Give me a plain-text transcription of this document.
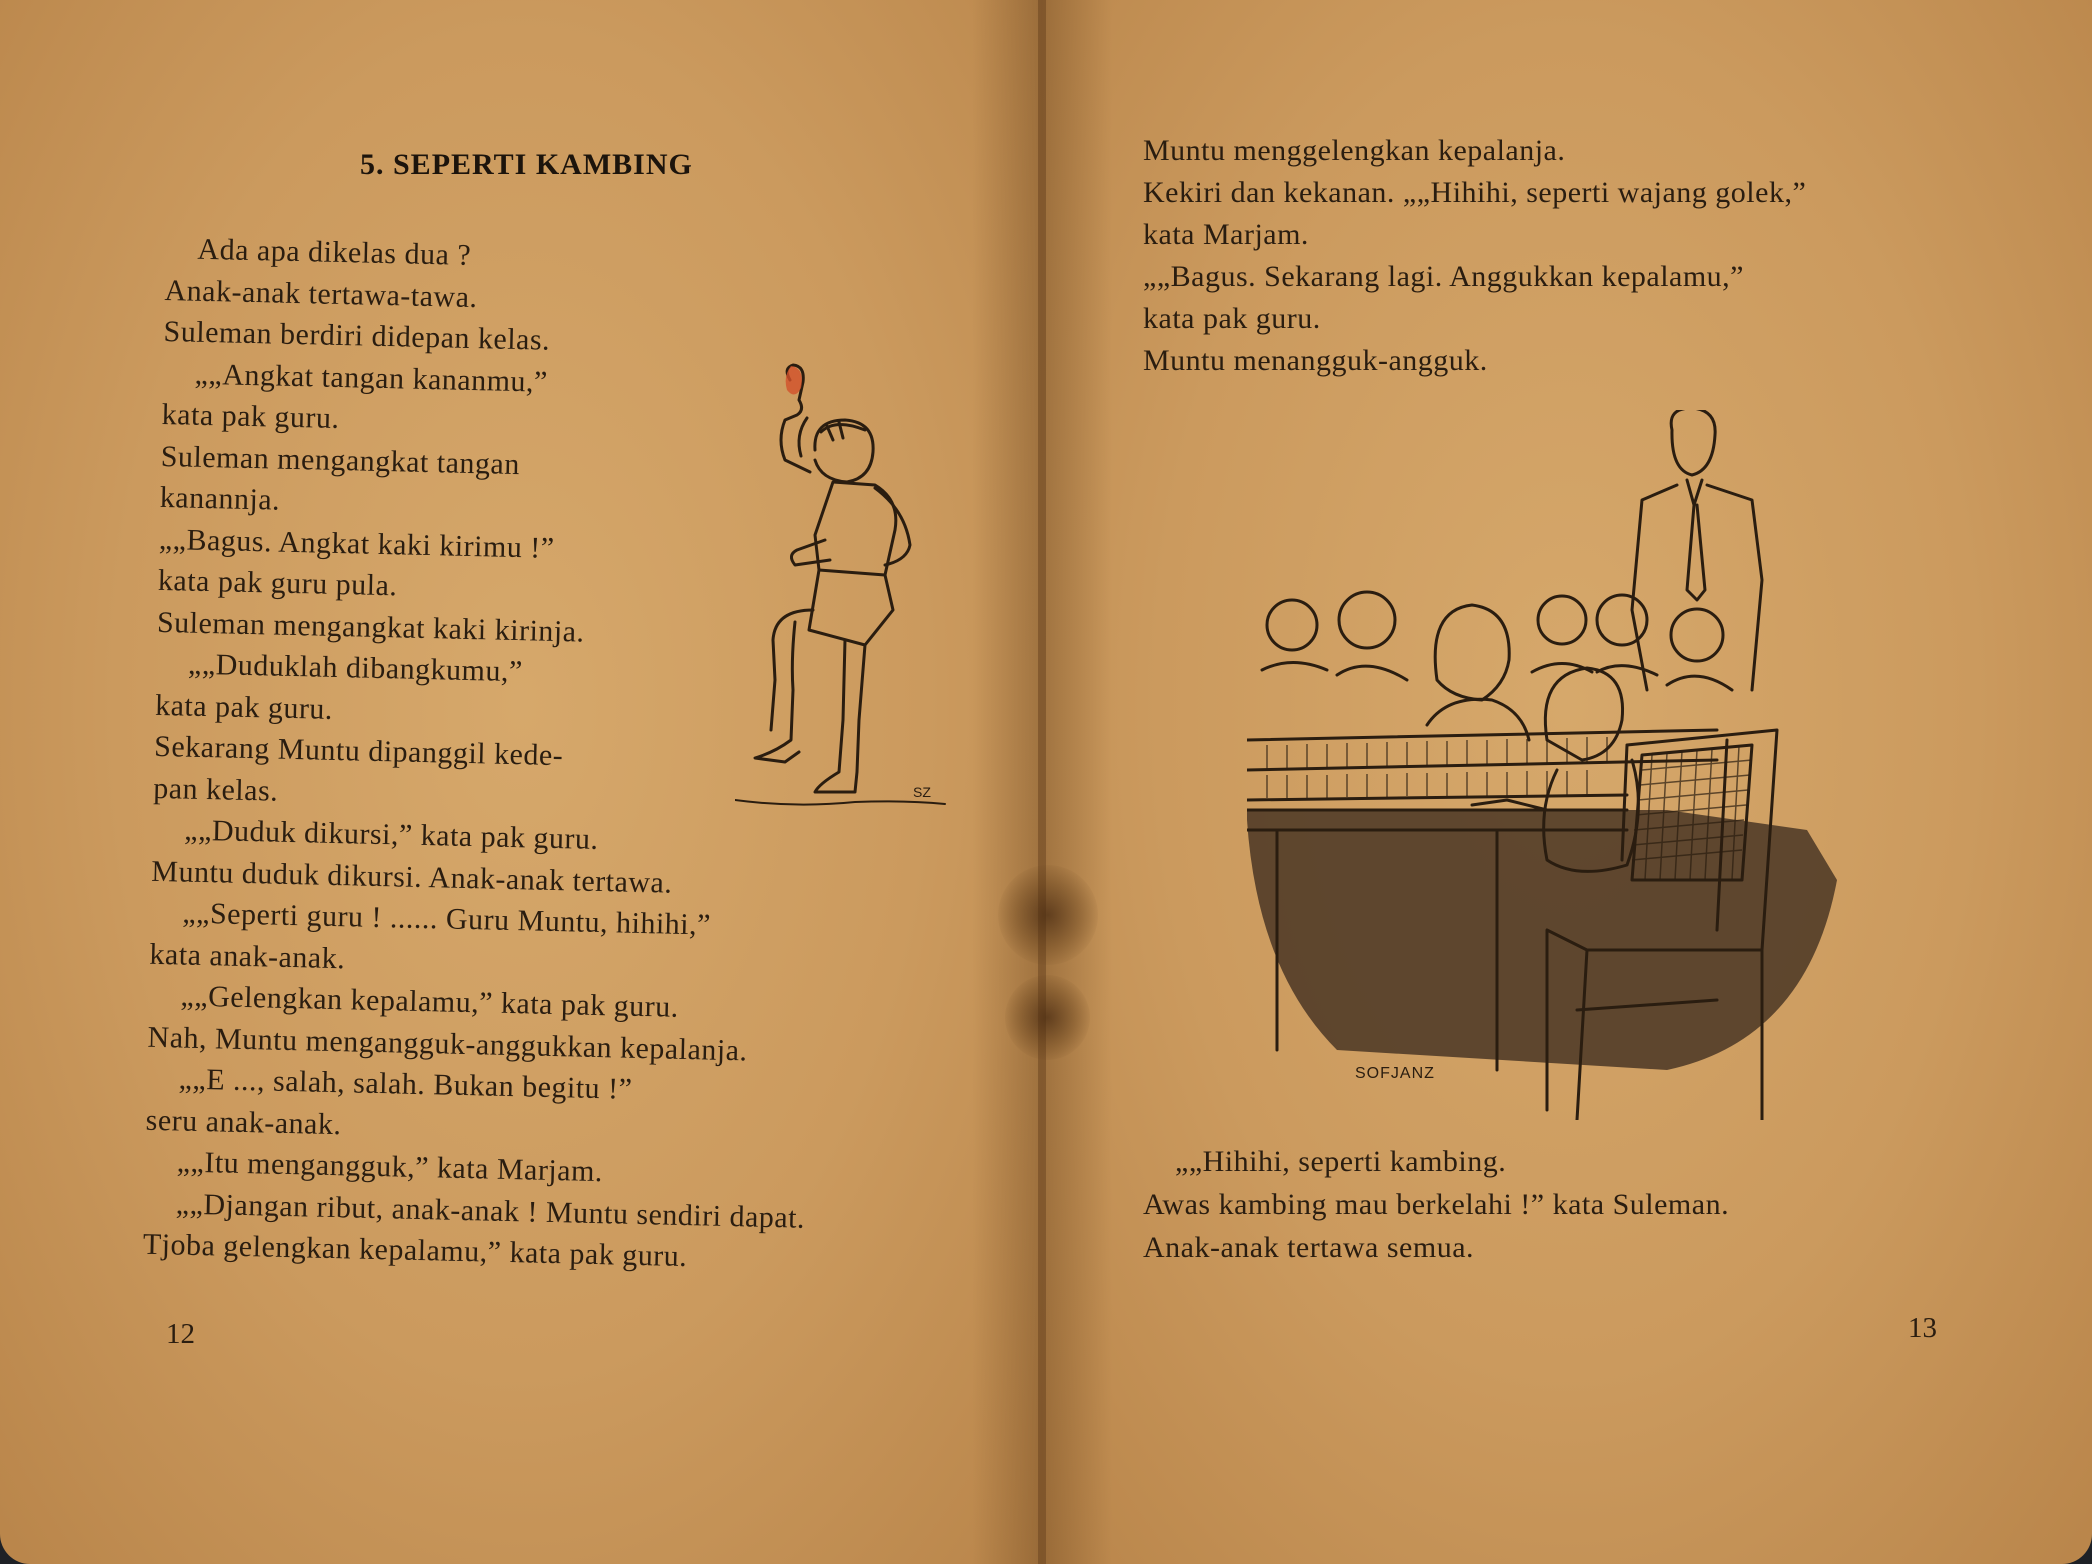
5. SEPERTI KAMBING
Ada apa dikelas dua ?
Anak-anak tertawa-tawa.
Suleman berdiri didepan kelas.
„„Angkat tangan kananmu,”
kata pak guru.
Suleman mengangkat tangan
kanannja.
„„Bagus. Angkat kaki kirimu !”
kata pak guru pula.
Suleman mengangkat kaki kirinja.
„„Duduklah dibangkumu,”
kata pak guru.
Sekarang Muntu dipanggil kede-
pan kelas.
„„Duduk dikursi,” kata pak guru.
Muntu duduk dikursi. Anak-anak tertawa.
„„Seperti guru ! ...... Guru Muntu, hihihi,”
kata anak-anak.
„„Gelengkan kepalamu,” kata pak guru.
Nah, Muntu mengangguk-anggukkan kepalanja.
„„E ..., salah, salah. Bukan begitu !”
seru anak-anak.
„„Itu mengangguk,” kata Marjam.
„„Djangan ribut, anak-anak ! Muntu sendiri dapat.
Tjoba gelengkan kepalamu,” kata pak guru.
SZ

12

Muntu menggelengkan kepalanja.
Kekiri dan kekanan. „„Hihihi, seperti wajang golek,”
kata Marjam.
„„Bagus. Sekarang lagi. Anggukkan kepalamu,”
kata pak guru.
Muntu menangguk-angguk.
SOFJANZ
„„Hihihi, seperti kambing.
Awas kambing mau berkelahi !” kata Suleman.
Anak-anak tertawa semua.

13
